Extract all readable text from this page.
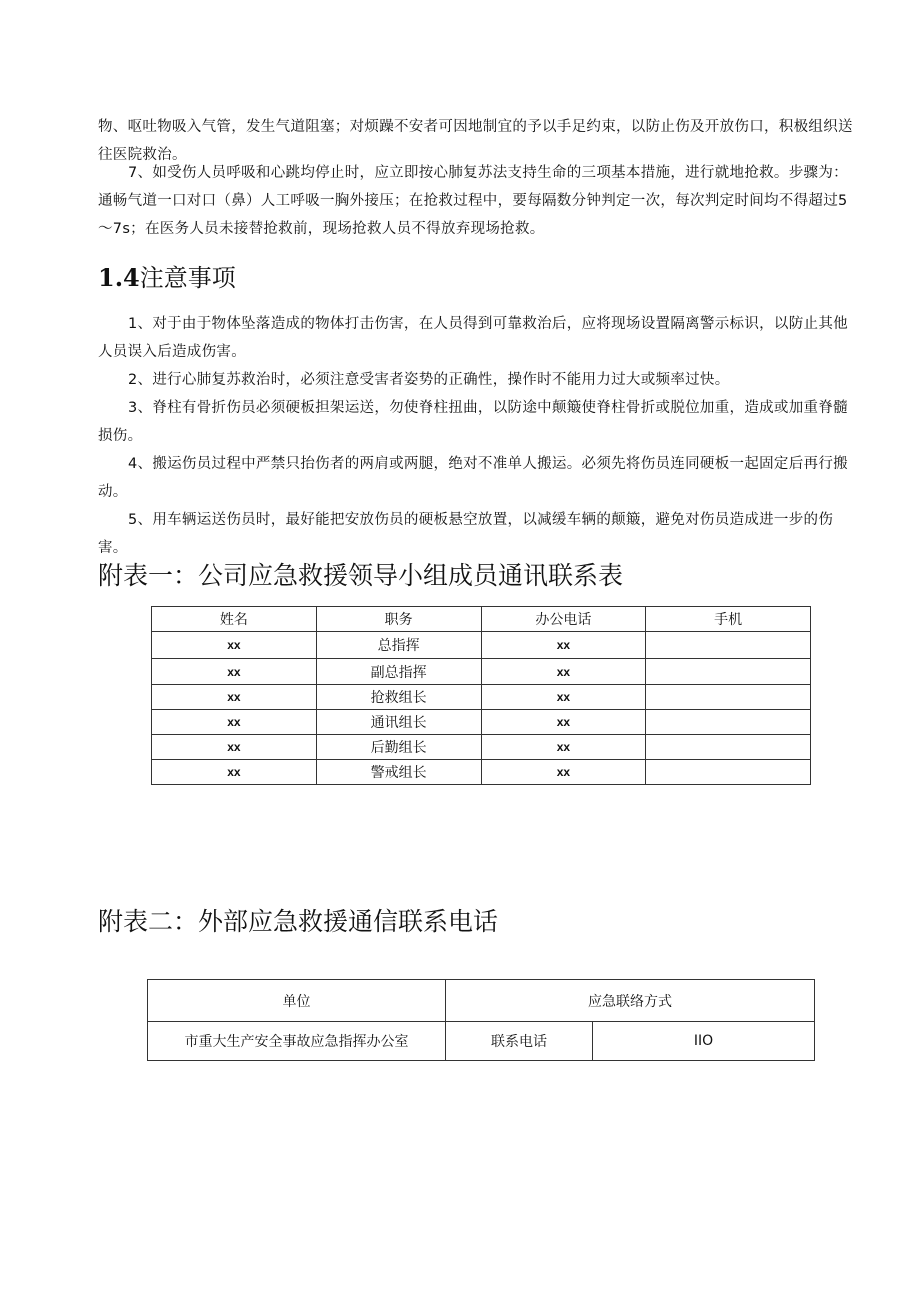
物、呕吐物吸入气管，发生气道阻塞；对烦躁不安者可因地制宜的予以手足约束，以防止伤及开放伤口，积极组织送往医院救治。
7、如受伤人员呼吸和心跳均停止时，应立即按心肺复苏法支持生命的三项基本措施，进行就地抢救。步骤为：通畅气道一口对口（鼻）人工呼吸一胸外接压；在抢救过程中，要每隔数分钟判定一次，每次判定时间均不得超过5～7s；在医务人员未接替抢救前，现场抢救人员不得放弃现场抢救。
1.4注意事项
1、对于由于物体坠落造成的物体打击伤害，在人员得到可靠救治后，应将现场设置隔离警示标识，以防止其他人员误入后造成伤害。
2、进行心肺复苏救治时，必须注意受害者姿势的正确性，操作时不能用力过大或频率过快。
3、脊柱有骨折伤员必须硬板担架运送，勿使脊柱扭曲，以防途中颠簸使脊柱骨折或脱位加重，造成或加重脊髓损伤。
4、搬运伤员过程中严禁只抬伤者的两肩或两腿，绝对不准单人搬运。必须先将伤员连同硬板一起固定后再行搬动。
5、用车辆运送伤员时，最好能把安放伤员的硬板悬空放置，以减缓车辆的颠簸，避免对伤员造成进一步的伤害。
附表一：公司应急救援领导小组成员通讯联系表
姓名	职务	办公电话	手机
xx	总指挥	xx	
xx	副总指挥	xx	
xx	抢救组长	xx	
xx	通讯组长	xx	
xx	后勤组长	xx	
xx	警戒组长	xx	
附表二：外部应急救援通信联系电话
单位	应急联络方式	
市重大生产安全事故应急指挥办公室	联系电话	IIO
